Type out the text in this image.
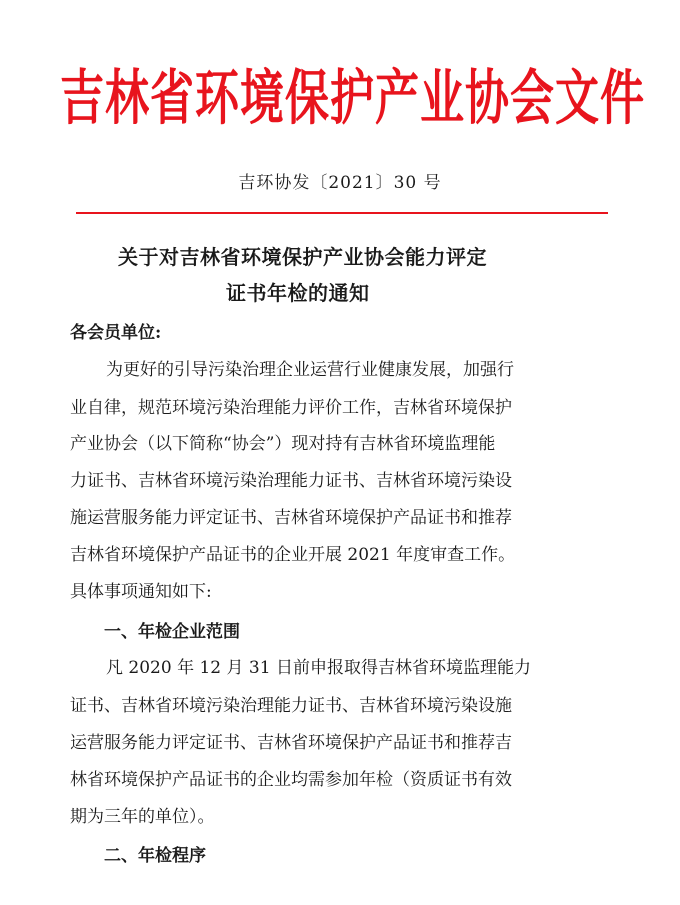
吉林省环境保护产业协会文件
吉环协发〔2021〕30 号
关于对吉林省环境保护产业协会能力评定
证书年检的通知
各会员单位:
为更好的引导污染治理企业运营行业健康发展，加强行
业自律，规范环境污染治理能力评价工作，吉林省环境保护
产业协会（以下简称“协会”）现对持有吉林省环境监理能
力证书、吉林省环境污染治理能力证书、吉林省环境污染设
施运营服务能力评定证书、吉林省环境保护产品证书和推荐
吉林省环境保护产品证书的企业开展 2021 年度审查工作。
具体事项通知如下:
一、年检企业范围
凡 2020 年 12 月 31 日前申报取得吉林省环境监理能力
证书、吉林省环境污染治理能力证书、吉林省环境污染设施
运营服务能力评定证书、吉林省环境保护产品证书和推荐吉
林省环境保护产品证书的企业均需参加年检（资质证书有效
期为三年的单位）。
二、年检程序
